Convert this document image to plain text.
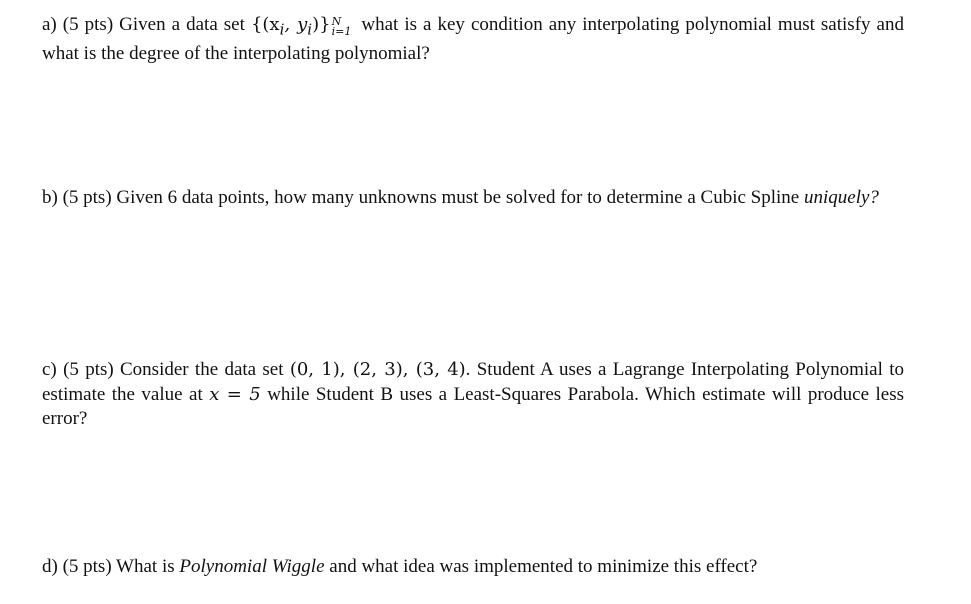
a) (5 pts) Given a data set {($x_i$, $y_i$)} N
i=1 what is a key condition any interpolating polynomial must satisfy and what is the degree of the interpolating polynomial?

b) (5 pts) Given 6 data points, how many unknowns must be solved for to determine a Cubic Spline uniquely?

c) (5 pts) Consider the data set (0, 1), (2, 3), (3, 4). Student A uses a Lagrange Interpolating Polynomial to estimate the value at x = 5 while Student B uses a Least-Squares Parabola. Which estimate will produce less error?

d) (5 pts) What is Polynomial Wiggle and what idea was implemented to minimize this effect?
